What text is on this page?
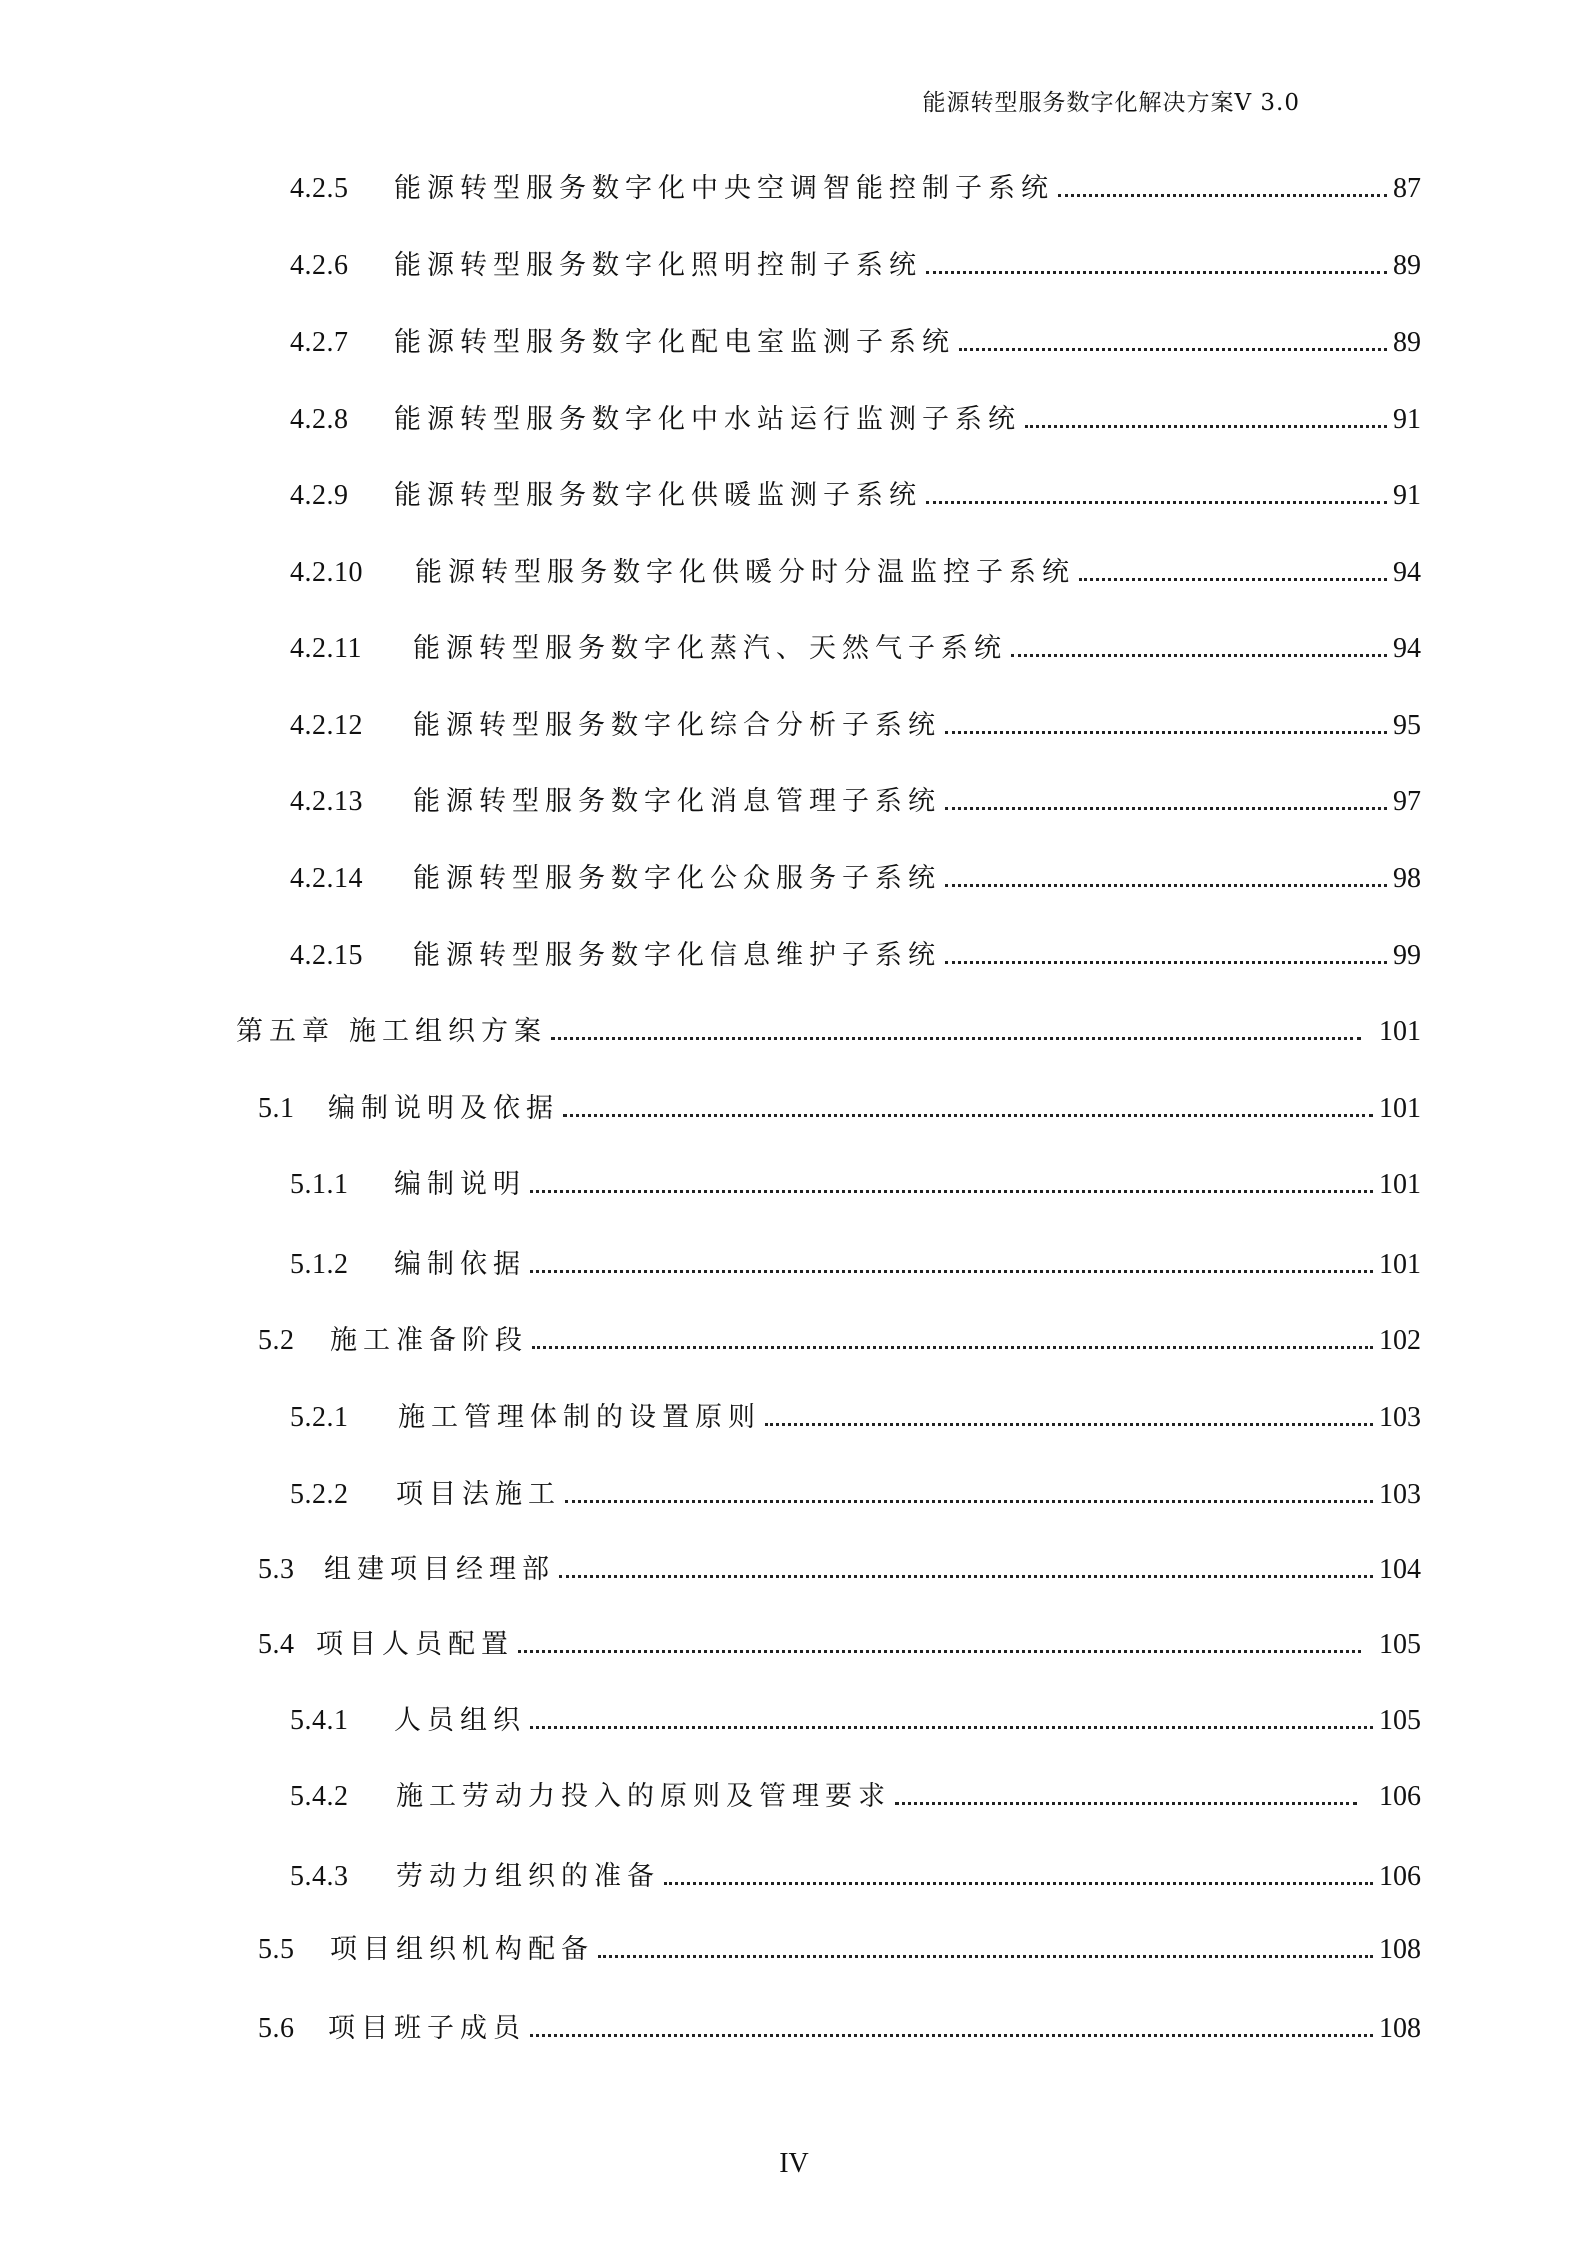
能源转型服务数字化解决方案V 3.0
4.2.5	能源转型服务数字化中央空调智能控制子系统	87
4.2.6	能源转型服务数字化照明控制子系统	89
4.2.7	能源转型服务数字化配电室监测子系统	89
4.2.8	能源转型服务数字化中水站运行监测子系统	91
4.2.9	能源转型服务数字化供暖监测子系统	91
4.2.10	能源转型服务数字化供暖分时分温监控子系统	94
4.2.11	能源转型服务数字化蒸汽、天然气子系统	94
4.2.12	能源转型服务数字化综合分析子系统	95
4.2.13	能源转型服务数字化消息管理子系统	97
4.2.14	能源转型服务数字化公众服务子系统	98
4.2.15	能源转型服务数字化信息维护子系统	99
第五章 施工组织方案	101
5.1	编制说明及依据	101
5.1.1	编制说明	101
5.1.2	编制依据	101
5.2	施工准备阶段	102
5.2.1	施工管理体制的设置原则	103
5.2.2	项目法施工	103
5.3	组建项目经理部	104
5.4 项目人员配置	105
5.4.1	人员组织	105
5.4.2	施工劳动力投入的原则及管理要求	106
5.4.3	劳动力组织的准备	106
5.5	项目组织机构配备	108
5.6	项目班子成员	108
IV
